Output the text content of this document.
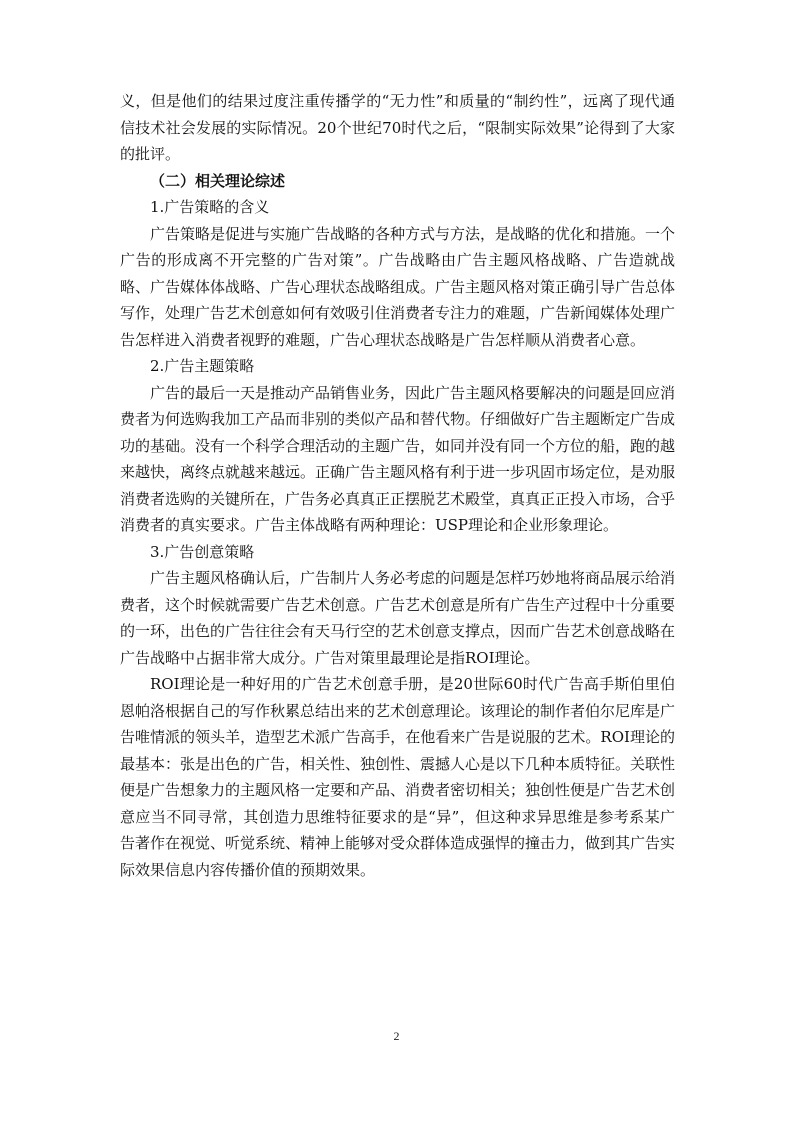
义，但是他们的结果过度注重传播学的“无力性”和质量的“制约性”，远离了现代通信技术社会发展的实际情况。20个世纪70时代之后，“限制实际效果”论得到了大家的批评。

（二）相关理论综述

1.广告策略的含义

广告策略是促进与实施广告战略的各种方式与方法，是战略的优化和措施。一个广告的形成离不开完整的广告对策”。广告战略由广告主题风格战略、广告造就战略、广告媒体体战略、广告心理状态战略组成。广告主题风格对策正确引导广告总体写作，处理广告艺术创意如何有效吸引住消费者专注力的难题，广告新闻媒体处理广告怎样进入消费者视野的难题，广告心理状态战略是广告怎样顺从消费者心意。

2.广告主题策略

广告的最后一天是推动产品销售业务，因此广告主题风格要解决的问题是回应消费者为何选购我加工产品而非别的类似产品和替代物。仔细做好广告主题断定广告成功的基础。没有一个科学合理活动的主题广告，如同并没有同一个方位的船，跑的越来越快，离终点就越来越远。正确广告主题风格有利于进一步巩固市场定位，是劝服消费者选购的关键所在，广告务必真真正正摆脱艺术殿堂，真真正正投入市场，合乎消费者的真实要求。广告主体战略有两种理论：USP理论和企业形象理论。

3.广告创意策略

广告主题风格确认后，广告制片人务必考虑的问题是怎样巧妙地将商品展示给消费者，这个时候就需要广告艺术创意。广告艺术创意是所有广告生产过程中十分重要的一环，出色的广告往往会有天马行空的艺术创意支撑点，因而广告艺术创意战略在广告战略中占据非常大成分。广告对策里最理论是指ROI理论。

ROI理论是一种好用的广告艺术创意手册，是20世际60时代广告高手斯伯里伯恩帕洛根据自己的写作秋累总结出来的艺术创意理论。该理论的制作者伯尔尼库是广告唯情派的领头羊，造型艺术派广告高手，在他看来广告是说服的艺术。ROI理论的最基本：张是出色的广告，相关性、独创性、震撼人心是以下几种本质特征。关联性便是广告想象力的主题风格一定要和产品、消费者密切相关；独创性便是广告艺术创意应当不同寻常，其创造力思维特征要求的是“异”，但这种求异思维是参考系某广告著作在视觉、听觉系统、精神上能够对受众群体造成强悍的撞击力，做到其广告实际效果信息内容传播价值的预期效果。

2
